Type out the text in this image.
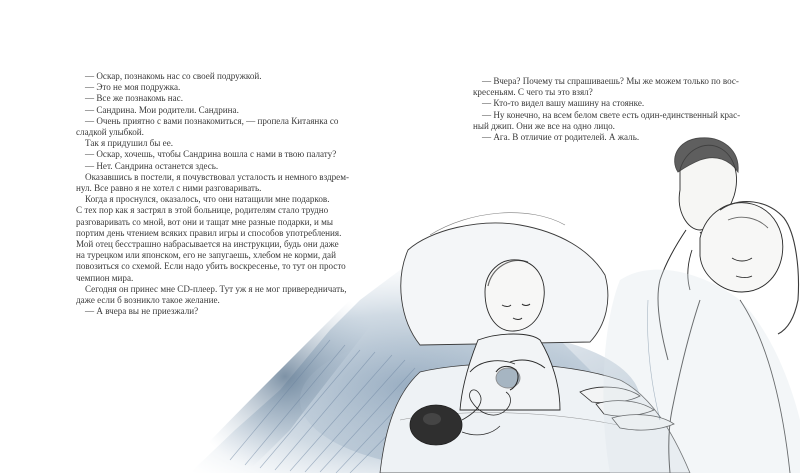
— Оскар, познакомь нас со своей подружкой.

— Это не моя подружка.

— Все же познакомь нас.

— Сандрина. Мои родители. Сандрина.

— Очень приятно с вами познакомиться, — пропела Китаянка со

сладкой улыбкой.

Так я придушил бы ее.

— Оскар, хочешь, чтобы Сандрина вошла с нами в твою палату?

— Нет. Сандрина останется здесь.

Оказавшись в постели, я почувствовал усталость и немного вздрем-

нул. Все равно я не хотел с ними разговаривать.

Когда я проснулся, оказалось, что они натащили мне подарков.

С тех пор как я застрял в этой больнице, родителям стало трудно

разговаривать со мной, вот они и тащат мне разные подарки, и мы

портим день чтением всяких правил игры и способов употребления.

Мой отец бесстрашно набрасывается на инструкции, будь они даже

на турецком или японском, его не запугаешь, хлебом не корми, дай

повозиться со схемой. Если надо убить воскресенье, то тут он просто

чемпион мира.

Сегодня он принес мне CD-плеер. Тут уж я не мог привередничать,

даже если б возникло такое желание.

— А вчера вы не приезжали?

— Вчера? Почему ты спрашиваешь? Мы же можем только по вос-

кресеньям. С чего ты это взял?

— Кто-то видел вашу машину на стоянке.

— Ну конечно, на всем белом свете есть один-единственный крас-

ный джип. Они же все на одно лицо.

— Ага. В отличие от родителей. А жаль.
